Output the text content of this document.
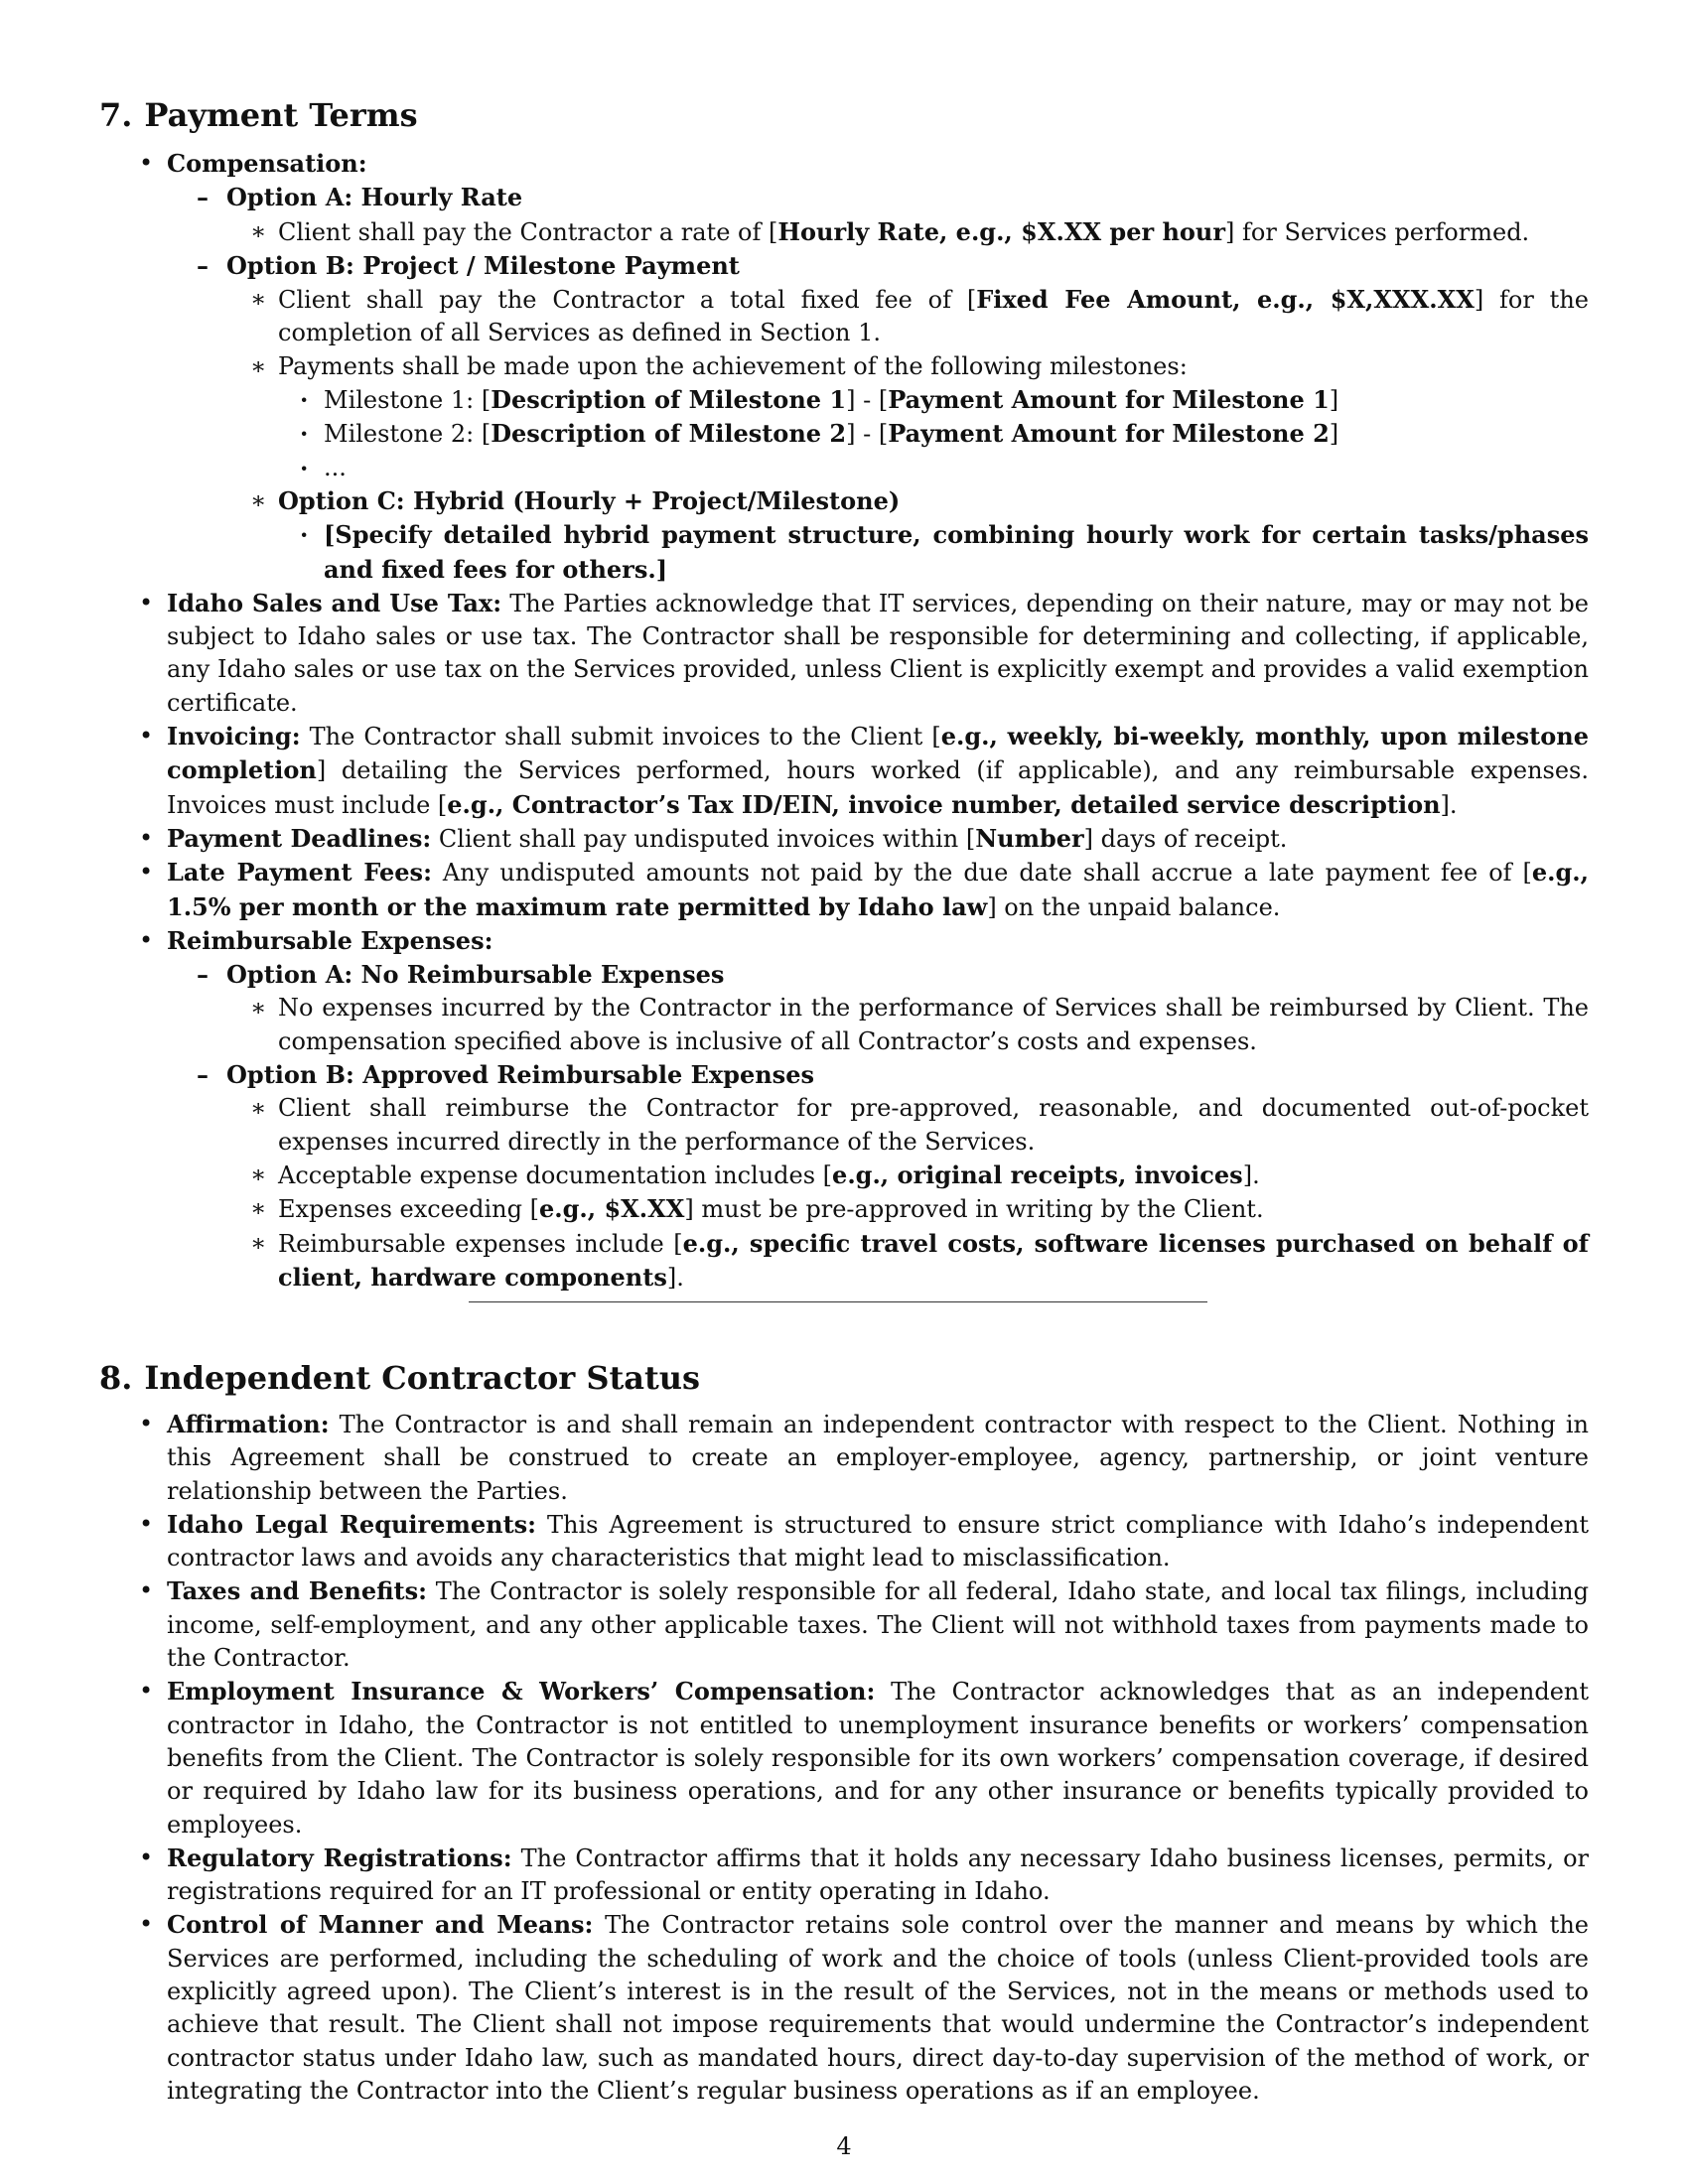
7. Payment Terms
• Compensation:
– Option A: Hourly Rate
∗ Client shall pay the Contractor a rate of [Hourly Rate, e.g., $X.XX per hour] for Services performed.
– Option B: Project / Milestone Payment
∗ Client shall pay the Contractor a total fixed fee of [Fixed Fee Amount, e.g., $X,XXX.XX] for the completion of all Services as defined in Section 1.
∗ Payments shall be made upon the achievement of the following milestones:
· Milestone 1: [Description of Milestone 1] - [Payment Amount for Milestone 1]
· Milestone 2: [Description of Milestone 2] - [Payment Amount for Milestone 2]
· ...
∗ Option C: Hybrid (Hourly + Project/Milestone)
· [Specify detailed hybrid payment structure, combining hourly work for certain tasks/phases and fixed fees for others.]
• Idaho Sales and Use Tax: The Parties acknowledge that IT services, depending on their nature, may or may not be subject to Idaho sales or use tax. The Contractor shall be responsible for determining and collecting, if applicable, any Idaho sales or use tax on the Services provided, unless Client is explicitly exempt and provides a valid exemption certificate.
• Invoicing: The Contractor shall submit invoices to the Client [e.g., weekly, bi-weekly, monthly, upon milestone completion] detailing the Services performed, hours worked (if applicable), and any reimbursable expenses. Invoices must include [e.g., Contractor’s Tax ID/EIN, invoice number, detailed service description].
• Payment Deadlines: Client shall pay undisputed invoices within [Number] days of receipt.
• Late Payment Fees: Any undisputed amounts not paid by the due date shall accrue a late payment fee of [e.g., 1.5% per month or the maximum rate permitted by Idaho law] on the unpaid balance.
• Reimbursable Expenses:
– Option A: No Reimbursable Expenses
∗ No expenses incurred by the Contractor in the performance of Services shall be reimbursed by Client. The compensation specified above is inclusive of all Contractor’s costs and expenses.
– Option B: Approved Reimbursable Expenses
∗ Client shall reimburse the Contractor for pre-approved, reasonable, and documented out-of-pocket expenses incurred directly in the performance of the Services.
∗ Acceptable expense documentation includes [e.g., original receipts, invoices].
∗ Expenses exceeding [e.g., $X.XX] must be pre-approved in writing by the Client.
∗ Reimbursable expenses include [e.g., specific travel costs, software licenses purchased on behalf of client, hardware components].
8. Independent Contractor Status
• Affirmation: The Contractor is and shall remain an independent contractor with respect to the Client. Nothing in this Agreement shall be construed to create an employer-employee, agency, partnership, or joint venture relationship between the Parties.
• Idaho Legal Requirements: This Agreement is structured to ensure strict compliance with Idaho’s independent contractor laws and avoids any characteristics that might lead to misclassification.
• Taxes and Benefits: The Contractor is solely responsible for all federal, Idaho state, and local tax filings, including income, self-employment, and any other applicable taxes. The Client will not withhold taxes from payments made to the Contractor.
• Employment Insurance & Workers’ Compensation: The Contractor acknowledges that as an independent contractor in Idaho, the Contractor is not entitled to unemployment insurance benefits or workers’ compensation benefits from the Client. The Contractor is solely responsible for its own workers’ compensation coverage, if desired or required by Idaho law for its business operations, and for any other insurance or benefits typically provided to employees.
• Regulatory Registrations: The Contractor affirms that it holds any necessary Idaho business licenses, permits, or registrations required for an IT professional or entity operating in Idaho.
• Control of Manner and Means: The Contractor retains sole control over the manner and means by which the Services are performed, including the scheduling of work and the choice of tools (unless Client-provided tools are explicitly agreed upon). The Client’s interest is in the result of the Services, not in the means or methods used to achieve that result. The Client shall not impose requirements that would undermine the Contractor’s independent contractor status under Idaho law, such as mandated hours, direct day-to-day supervision of the method of work, or integrating the Contractor into the Client’s regular business operations as if an employee.
4
